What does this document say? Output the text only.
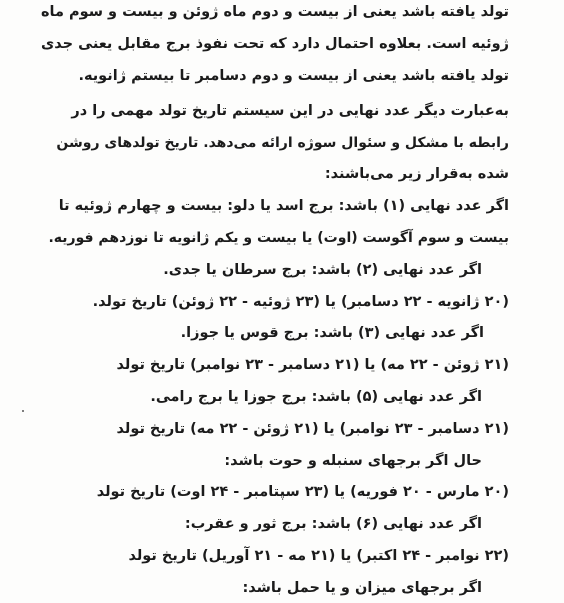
تولد یافته باشد یعنی از بیست و دوم ماه ژوئن و بیست و سوم ماه
ژوئیه است. بعلاوه احتمال دارد که تحت نفوذ برج مقابل یعنی جدی
تولد یافته باشد یعنی از بیست و دوم دسامبر تا بیستم ژانویه.
به‌عبارت دیگر عدد نهایی در این سیستم تاریخ تولد مهمی را در
رابطه با مشکل و سئوال سوژه ارائه می‌دهد. تاریخ تولدهای روشن
شده به‌قرار زیر می‌باشند:
اگر عدد نهایی (۱) باشد: برج اسد یا دلو: بیست و چهارم ژوئیه تا
بیست و سوم آگوست (اوت) یا بیست و یکم ژانویه تا نوزدهم فوریه.
اگر عدد نهایی (۲) باشد: برج سرطان یا جدی.
(۲۰ ژانویه - ۲۲ دسامبر) یا (۲۳ ژوئیه - ۲۲ ژوئن) تاریخ تولد.
اگر عدد نهایی (۳) باشد: برج قوس یا جوزا.
(۲۱ ژوئن - ۲۲ مه) یا (۲۱ دسامبر - ۲۳ نوامبر) تاریخ تولد
اگر عدد نهایی (۵) باشد: برج جوزا یا برج رامی.
(۲۱ دسامبر - ۲۳ نوامبر) یا (۲۱ ژوئن - ۲۲ مه) تاریخ تولد
حال اگر برجهای سنبله و حوت باشد:
(۲۰ مارس - ۲۰ فوریه) یا (۲۳ سپتامبر - ۲۴ اوت) تاریخ تولد
اگر عدد نهایی (۶) باشد: برج ثور و عقرب:
(۲۲ نوامبر - ۲۴ اکتبر) یا (۲۱ مه - ۲۱ آوریل) تاریخ تولد
اگر برجهای میزان و یا حمل باشد:
